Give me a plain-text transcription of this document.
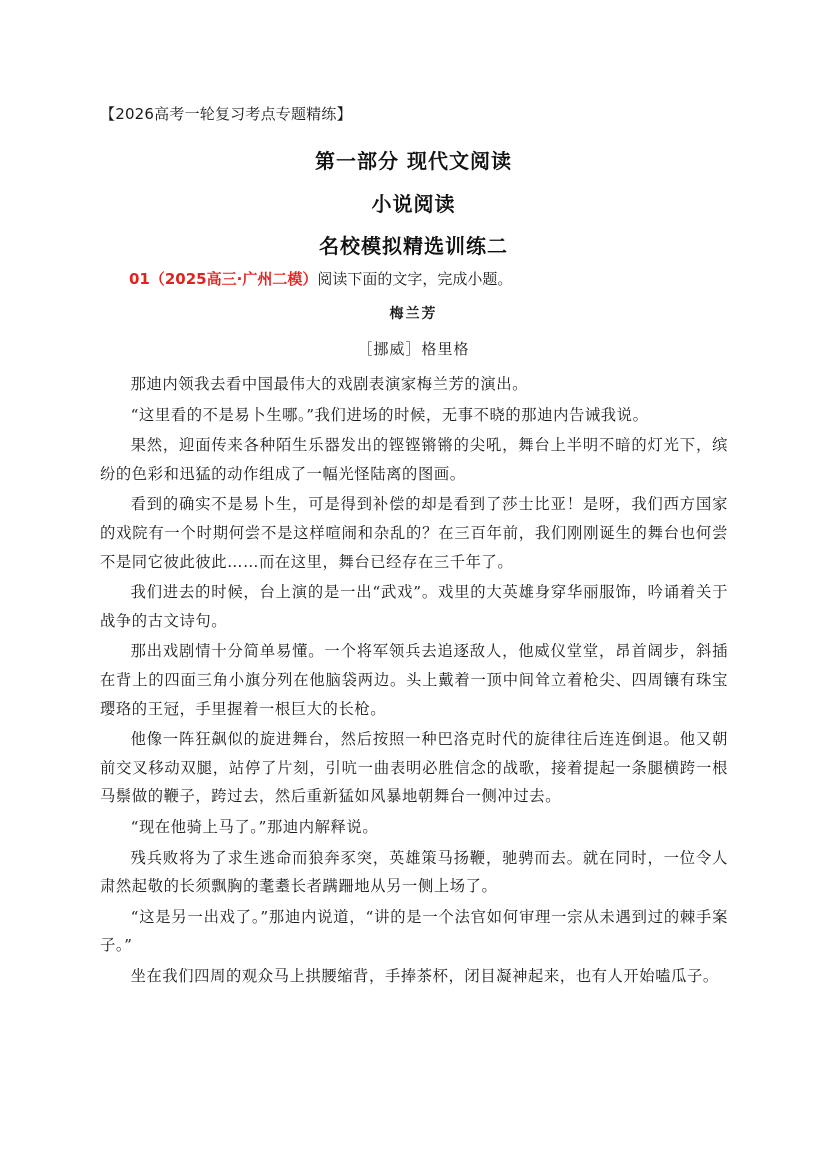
【2026高考一轮复习考点专题精练】
第一部分 现代文阅读
小说阅读
名校模拟精选训练二
01（2025高三·广州二模）阅读下面的文字，完成小题。
梅兰芳
［挪威］格里格

那迪内领我去看中国最伟大的戏剧表演家梅兰芳的演出。

“这里看的不是易卜生哪。”我们进场的时候，无事不晓的那迪内告诫我说。

果然，迎面传来各种陌生乐器发出的铿铿锵锵的尖吼，舞台上半明不暗的灯光下，缤纷的色彩和迅猛的动作组成了一幅光怪陆离的图画。

看到的确实不是易卜生，可是得到补偿的却是看到了莎士比亚！是呀，我们西方国家的戏院有一个时期何尝不是这样喧闹和杂乱的？在三百年前，我们刚刚诞生的舞台也何尝不是同它彼此彼此……而在这里，舞台已经存在三千年了。

我们进去的时候，台上演的是一出“武戏”。戏里的大英雄身穿华丽服饰，吟诵着关于战争的古文诗句。

那出戏剧情十分简单易懂。一个将军领兵去追逐敌人，他威仪堂堂，昂首阔步，斜插在背上的四面三角小旗分列在他脑袋两边。头上戴着一顶中间耸立着枪尖、四周镶有珠宝璎珞的王冠，手里握着一根巨大的长枪。

他像一阵狂飙似的旋进舞台，然后按照一种巴洛克时代的旋律往后连连倒退。他又朝前交叉移动双腿，站停了片刻，引吭一曲表明必胜信念的战歌，接着提起一条腿横跨一根马鬃做的鞭子，跨过去，然后重新猛如风暴地朝舞台一侧冲过去。

“现在他骑上马了。”那迪内解释说。

残兵败将为了求生逃命而狼奔豕突，英雄策马扬鞭，驰骋而去。就在同时，一位令人肃然起敬的长须飘胸的耄耋长者蹒跚地从另一侧上场了。

“这是另一出戏了。”那迪内说道，“讲的是一个法官如何审理一宗从未遇到过的棘手案子。”

坐在我们四周的观众马上拱腰缩背，手捧茶杯，闭目凝神起来，也有人开始嗑瓜子。
